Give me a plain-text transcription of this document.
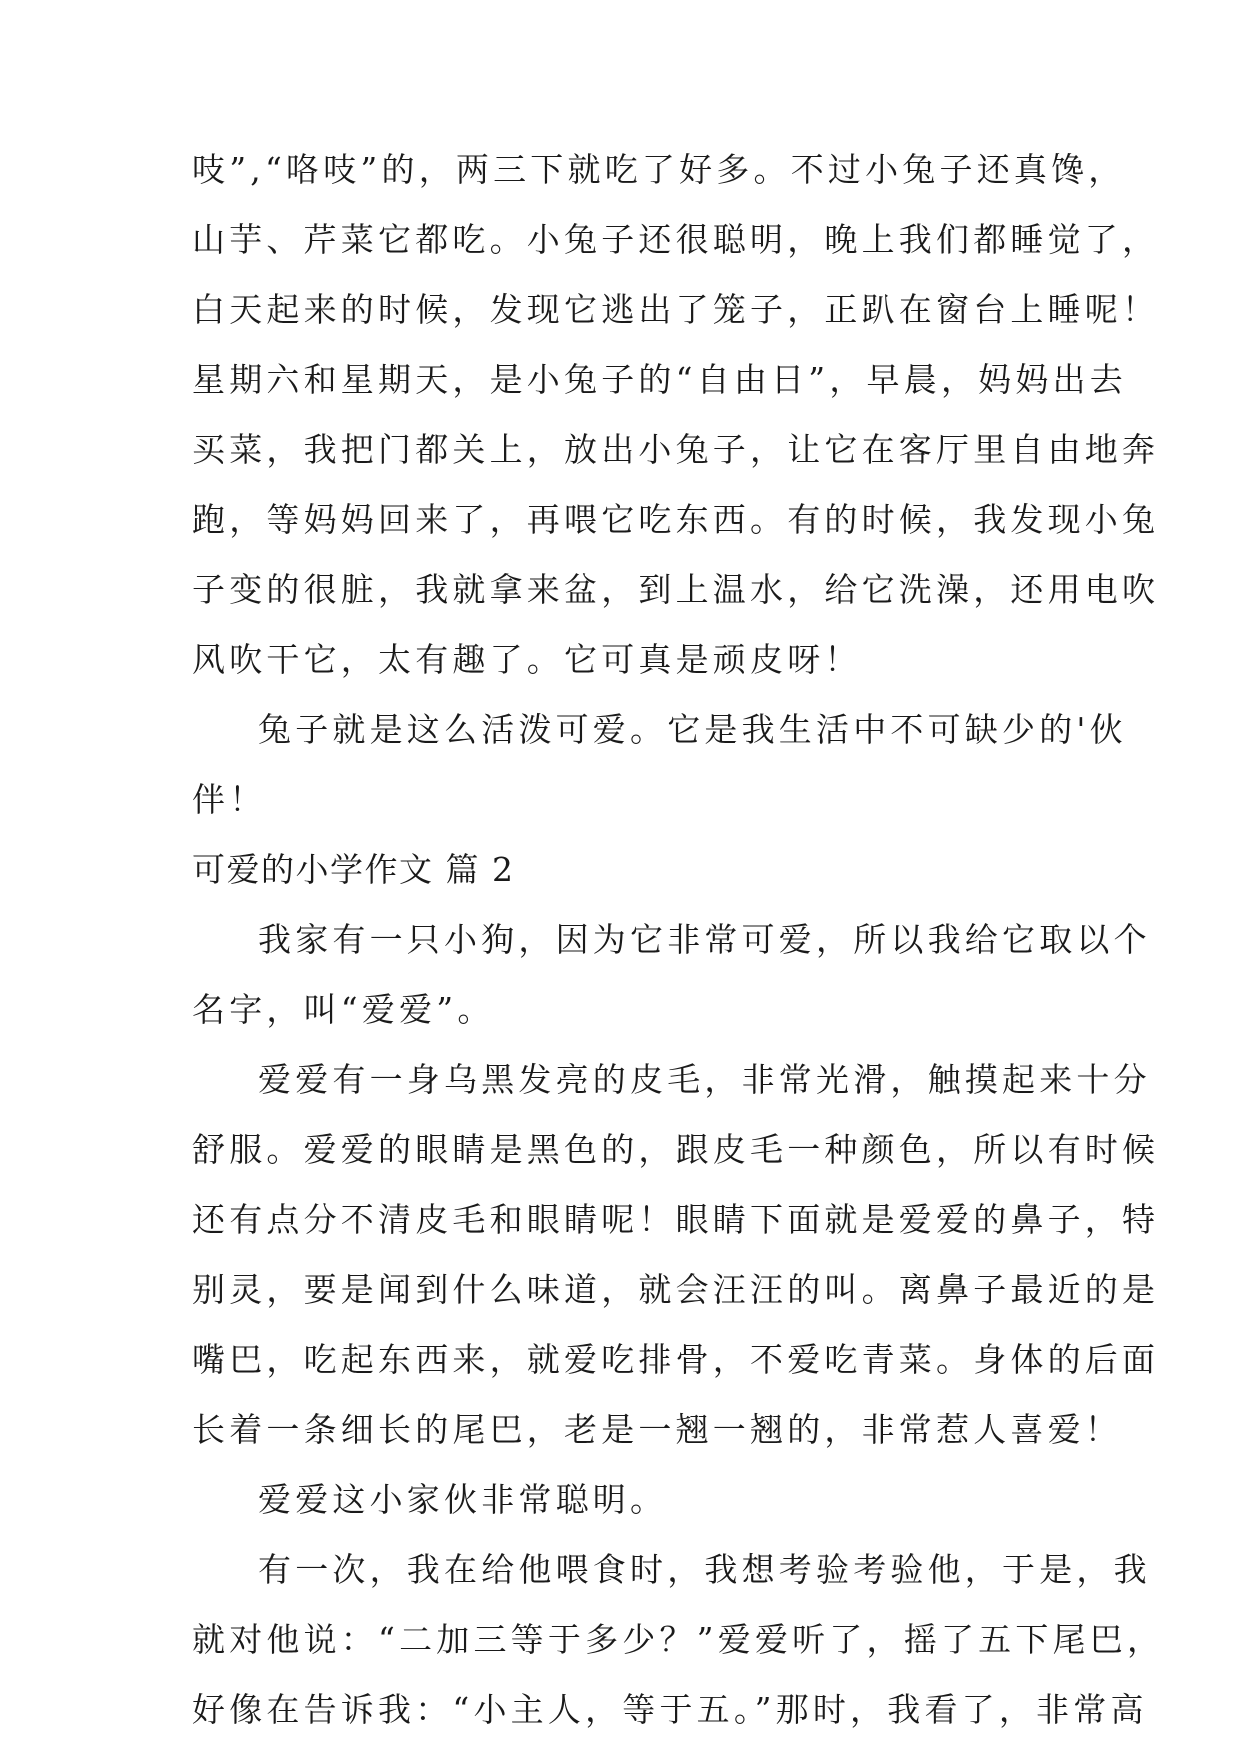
吱”,“咯吱”的，两三下就吃了好多。不过小兔子还真馋，
山芋、芹菜它都吃。小兔子还很聪明，晚上我们都睡觉了，
白天起来的时候，发现它逃出了笼子，正趴在窗台上睡呢！
星期六和星期天，是小兔子的“自由日”，早晨，妈妈出去
买菜，我把门都关上，放出小兔子，让它在客厅里自由地奔
跑，等妈妈回来了，再喂它吃东西。有的时候，我发现小兔
子变的很脏，我就拿来盆，到上温水，给它洗澡，还用电吹
风吹干它，太有趣了。它可真是顽皮呀！
兔子就是这么活泼可爱。它是我生活中不可缺少的'伙
伴！
可爱的小学作文 篇 2
我家有一只小狗，因为它非常可爱，所以我给它取以个
名字，叫“爱爱”。
爱爱有一身乌黑发亮的皮毛，非常光滑，触摸起来十分
舒服。爱爱的眼睛是黑色的，跟皮毛一种颜色，所以有时候
还有点分不清皮毛和眼睛呢！眼睛下面就是爱爱的鼻子，特
别灵，要是闻到什么味道，就会汪汪的叫。离鼻子最近的是
嘴巴，吃起东西来，就爱吃排骨，不爱吃青菜。身体的后面
长着一条细长的尾巴，老是一翘一翘的，非常惹人喜爱！
爱爱这小家伙非常聪明。
有一次，我在给他喂食时，我想考验考验他，于是，我
就对他说：“二加三等于多少？”爱爱听了，摇了五下尾巴，
好像在告诉我：“小主人，等于五。”那时，我看了，非常高
